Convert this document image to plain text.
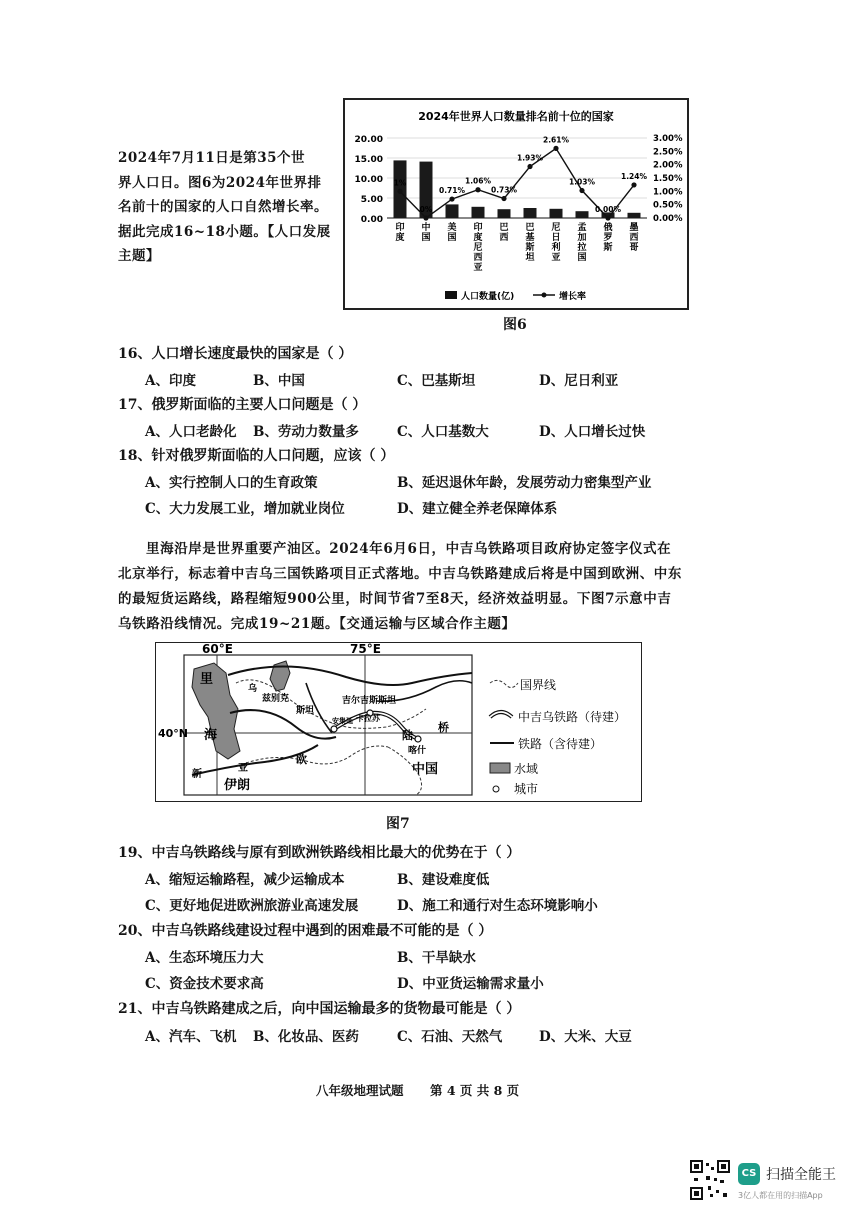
2024年7月11日是第35个世
界人口日。图6为2024年世界排
名前十的国家的人口自然增长率。
据此完成16~18小题。【人口发展
主题】
2024年世界人口数量排名前十位的国家
20.00
15.00
10.00
5.00
0.00
3.00%
2.50%
2.00%
1.50%
1.00%
0.50%
0.00%
1%
0%
0.71%
1.06%
0.73%
1.93%
2.61%
1.03%
0.00%
1.24%
印
度
中
国
美
国
印
度
尼
西
亚
巴
西
巴
基
斯
坦
尼
日
利
亚
孟
加
拉
国
俄
罗
斯
墨
西
哥
人口数量(亿)	增长率
图6
16、人口增长速度最快的国家是（ ）
A、印度	B、中国	C、巴基斯坦	D、尼日利亚
17、俄罗斯面临的主要人口问题是（ ）
A、人口老龄化 B、劳动力数量多	C、人口基数大	D、人口增长过快
18、针对俄罗斯面临的人口问题，应该（ ）
A、实行控制人口的生育政策	B、延迟退休年龄，发展劳动力密集型产业
C、大力发展工业，增加就业岗位	D、建立健全养老保障体系
里海沿岸是世界重要产油区。2024年6月6日，中吉乌铁路项目政府协定签字仪式在
北京举行，标志着中吉乌三国铁路项目正式落地。中吉乌铁路建成后将是中国到欧洲、中东
的最短货运路线，路程缩短900公里，时间节省7至8天，经济效益明显。下图7示意中吉
乌铁路沿线情况。完成19~21题。【交通运输与区域合作主题】
60°E	75°E
40°N
里
海
乌
兹别克
斯坦
吉尔吉斯斯坦
卡拉苏
安集延
喀什
陆
桥
中国
伊朗
亚
新
欧
国界线
中吉乌铁路（待建）
铁路（含待建）
水域
城市
图7
19、中吉乌铁路线与原有到欧洲铁路线相比最大的优势在于（ ）
A、缩短运输路程，减少运输成本	B、建设难度低
C、更好地促进欧洲旅游业高速发展	D、施工和通行对生态环境影响小
20、中吉乌铁路线建设过程中遇到的困难最不可能的是（ ）
A、生态环境压力大	B、干旱缺水
C、资金技术要求高	D、中亚货运输需求量小
21、中吉乌铁路建成之后，向中国运输最多的货物最可能是（ ）
A、汽车、飞机 B、化妆品、医药	C、石油、天然气	D、大米、大豆
八年级地理试题 第 4 页 共 8 页
CS 扫描全能王
3亿人都在用的扫描App
